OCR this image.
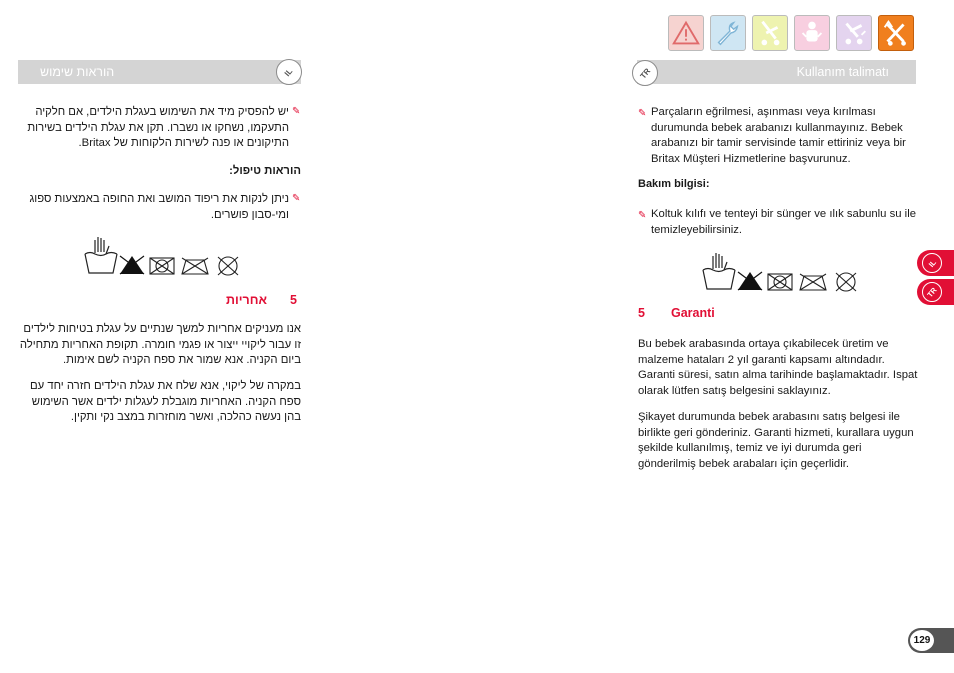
הוראות שימוש	IL
יש להפסיק מיד את השימוש בעגלת הילדים, אם חלקיה התעקמו, נשחקו או נשברו. תקן את עגלת הילדים בשירות התיקונים או פנה לשירות הלקוחות של Britax.
✎
הוראות טיפול:
ניתן לנקות את ריפוד המושב ואת החופה באמצעות ספוג ומי-סבון פושרים.
✎
5
אחריות
אנו מעניקים אחריות למשך שנתיים על עגלת בטיחות לילדים זו עבור ליקויי ייצור או פגמי חומרה. תקופת האחריות מתחילה ביום הקניה. אנא שמור את ספח הקניה לשם אימות.
במקרה של ליקוי, אנא שלח את עגלת הילדים חזרה יחד עם ספח הקניה. האחריות מוגבלת לעגלות ילדים אשר השימוש בהן נעשה כהלכה, ואשר מוחזרות במצב נקי ותקין.
Kullanım talimatı
TR
✎ Parçaların eğrilmesi, aşınması veya kırılması durumunda bebek arabanızı kullanmayınız. Bebek arabanızı bir tamir servisinde tamir ettiriniz veya bir Britax Müşteri Hizmetlerine başvurunuz.
Bakım bilgisi:
✎ Koltuk kılıfı ve tenteyi bir sünger ve ılık sabunlu su ile temizleyebilirsiniz.
5 Garanti
Bu bebek arabasında ortaya çıkabilecek üretim ve malzeme hataları 2 yıl garanti kapsamı altındadır. Garanti süresi, satın alma tarihinde başlamaktadır. Ispat olarak lütfen satış belgesini saklayınız.
Şikayet durumunda bebek arabasını satış belgesi ile birlikte geri gönderiniz. Garanti hizmeti, kurallara uygun şekilde kullanılmış, temiz ve iyi durumda geri gönderilmiş bebek arabaları için geçerlidir.
IL
TR
129
